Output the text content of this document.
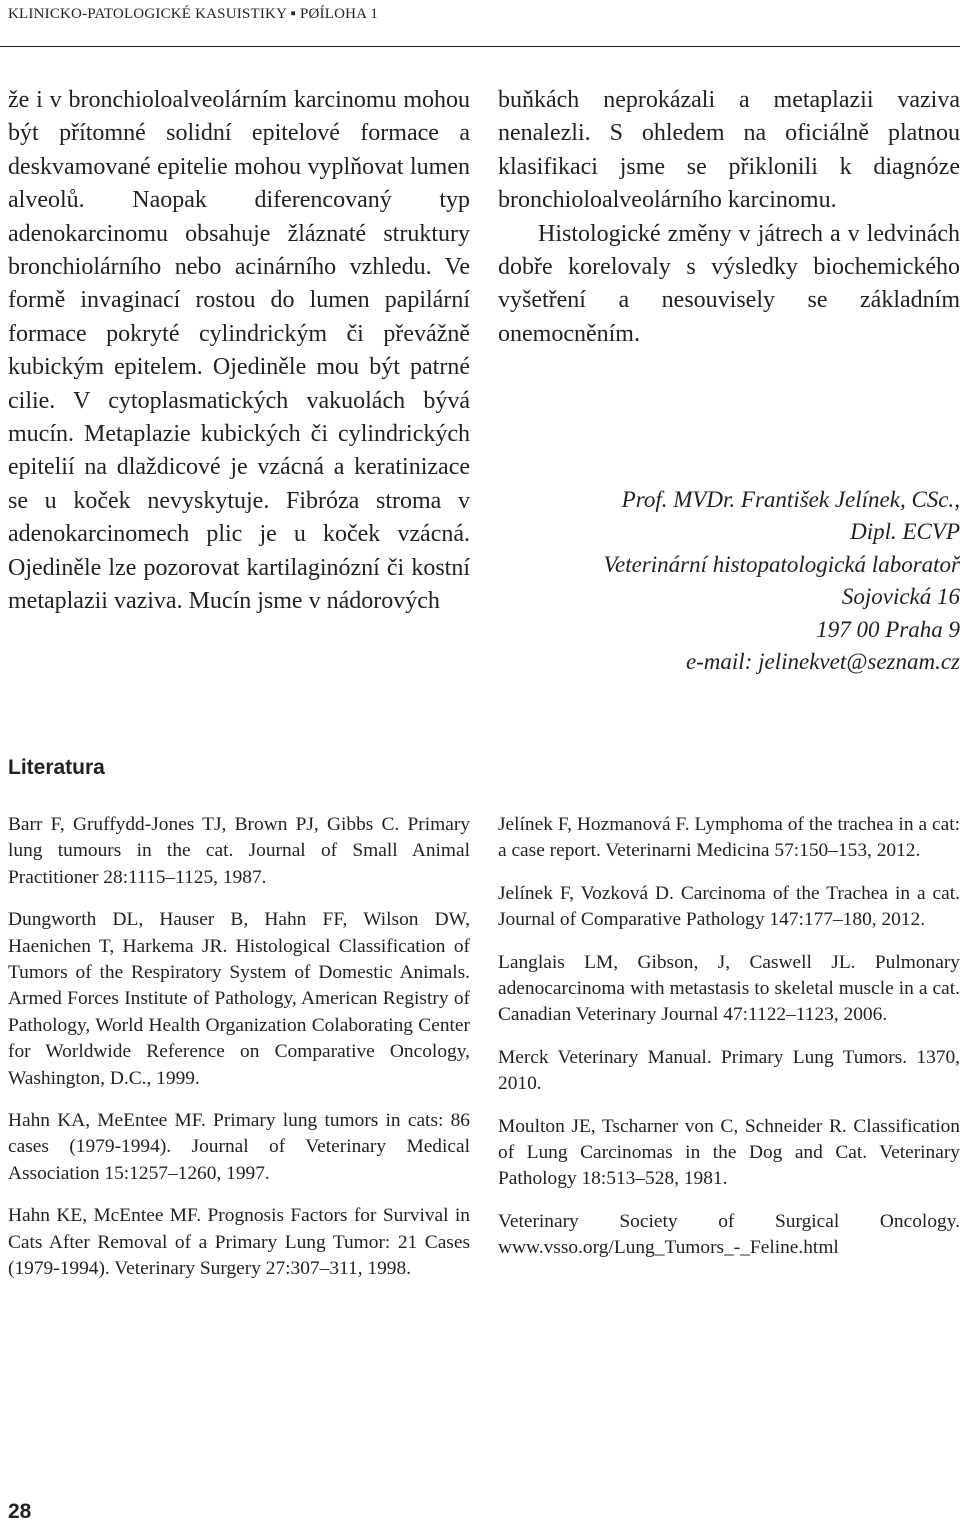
KLINICKO-PATOLOGICKÉ KASUISTIKY ▪ PØÍLOHA 1

že i v bronchioloalveolárním karcinomu mohou být přítomné solidní epitelové formace a deskvamované epitelie mohou vyplňovat lumen alveolů. Naopak diferencovaný typ adenokarcinomu obsahuje žláznaté struktury bronchiolárního nebo acinárního vzhledu. Ve formě invaginací rostou do lumen papilární formace pokryté cylindrickým či převážně kubickým epitelem. Ojediněle mou být patrné cilie. V cytoplasmatických vakuolách bývá mucín. Metaplazie kubických či cylindrických epitelií na dlaždicové je vzácná a keratinizace se u koček nevyskytuje. Fibróza stroma v adenokarcinomech plic je u koček vzácná. Ojediněle lze pozorovat kartilaginózní či kostní metaplazii vaziva. Mucín jsme v nádorových

buňkách neprokázali a metaplazii vaziva nenalezli. S ohledem na oficiálně platnou klasifikaci jsme se přiklonili k diagnóze bronchioloalveolárního karcinomu.

Histologické změny v játrech a v ledvinách dobře korelovaly s výsledky biochemického vyšetření a nesouvisely se základním onemocněním.

Prof. MVDr. František Jelínek, CSc.,
Dipl. ECVP
Veterinární histopatologická laboratoř
Sojovická 16
197 00 Praha 9
e-mail: jelinekvet@seznam.cz
Literatura

Barr F, Gruffydd-Jones TJ, Brown PJ, Gibbs C. Primary lung tumours in the cat. Journal of Small Animal Practitioner 28:1115–1125, 1987.

Dungworth DL, Hauser B, Hahn FF, Wilson DW, Haenichen T, Harkema JR. Histological Classification of Tumors of the Respiratory System of Domestic Animals. Armed Forces Institute of Pathology, American Registry of Pathology, World Health Organization Colaborating Center for Worldwide Reference on Comparative Oncology, Washington, D.C., 1999.

Hahn KA, MeEntee MF. Primary lung tumors in cats: 86 cases (1979-1994). Journal of Veterinary Medical Association 15:1257–1260, 1997.

Hahn KE, McEntee MF. Prognosis Factors for Survival in Cats After Removal of a Primary Lung Tumor: 21 Cases (1979-1994). Veterinary Surgery 27:307–311, 1998.

Jelínek F, Hozmanová F. Lymphoma of the trachea in a cat: a case report. Veterinarni Medicina 57:150–153, 2012.

Jelínek F, Vozková D. Carcinoma of the Trachea in a cat. Journal of Comparative Pathology 147:177–180, 2012.

Langlais LM, Gibson, J, Caswell JL. Pulmonary adenocarcinoma with metastasis to skeletal muscle in a cat. Canadian Veterinary Journal 47:1122–1123, 2006.

Merck Veterinary Manual. Primary Lung Tumors. 1370, 2010.

Moulton JE, Tscharner von C, Schneider R. Classification of Lung Carcinomas in the Dog and Cat. Veterinary Pathology 18:513–528, 1981.

Veterinary Society of Surgical Oncology. www.vsso.org/Lung_Tumors_-_Feline.html

28
